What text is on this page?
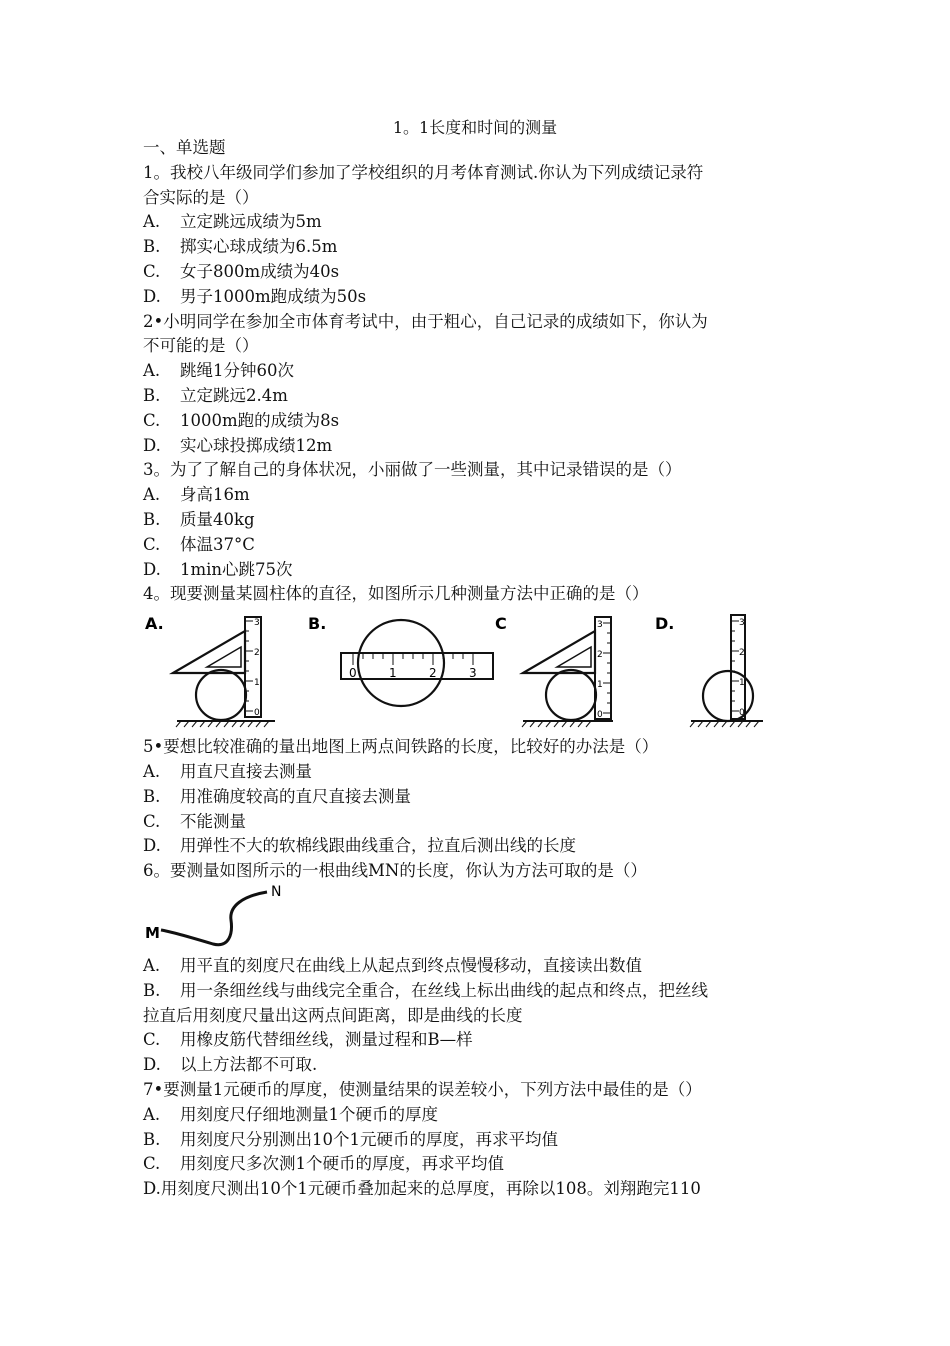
1。1长度和时间的测量
一、单选题
1。我校八年级同学们参加了学校组织的月考体育测试.你认为下列成绩记录符
合实际的是（）
A. 立定跳远成绩为5m
B. 掷实心球成绩为6.5m
C. 女子800m成绩为40s
D. 男子1000m跑成绩为50s
2•小明同学在参加全市体育考试中，由于粗心，自己记录的成绩如下，你认为
不可能的是（）
A. 跳绳1分钟60次
B. 立定跳远2.4m
C. 1000m跑的成绩为8s
D. 实心球投掷成绩12m
3。为了了解自己的身体状况，小丽做了一些测量，其中记录错误的是（）
A. 身高16m
B. 质量40kg
C. 体温37°C
D. 1min心跳75次
4。现要测量某圆柱体的直径，如图所示几种测量方法中正确的是（）
A.	3
2
1
0
B.
0	1	2	3
C	3
2
1
0
D.	3
2
1
0
5•要想比较准确的量出地图上两点间铁路的长度，比较好的办法是（）
A. 用直尺直接去测量
B. 用准确度较高的直尺直接去测量
C. 不能测量
D. 用弹性不大的软棉线跟曲线重合，拉直后测出线的长度
6。要测量如图所示的一根曲线MN的长度，你认为方法可取的是（）
M
N
A. 用平直的刻度尺在曲线上从起点到终点慢慢移动，直接读出数值
B. 用一条细丝线与曲线完全重合，在丝线上标出曲线的起点和终点，把丝线
拉直后用刻度尺量出这两点间距离，即是曲线的长度
C. 用橡皮筋代替细丝线，测量过程和B—样
D. 以上方法都不可取.
7•要测量1元硬币的厚度，使测量结果的误差较小，下列方法中最佳的是（）
A. 用刻度尺仔细地测量1个硬币的厚度
B. 用刻度尺分别测出10个1元硬币的厚度，再求平均值
C. 用刻度尺多次测1个硬币的厚度，再求平均值
D.用刻度尺测出10个1元硬币叠加起来的总厚度，再除以108。刘翔跑完110
